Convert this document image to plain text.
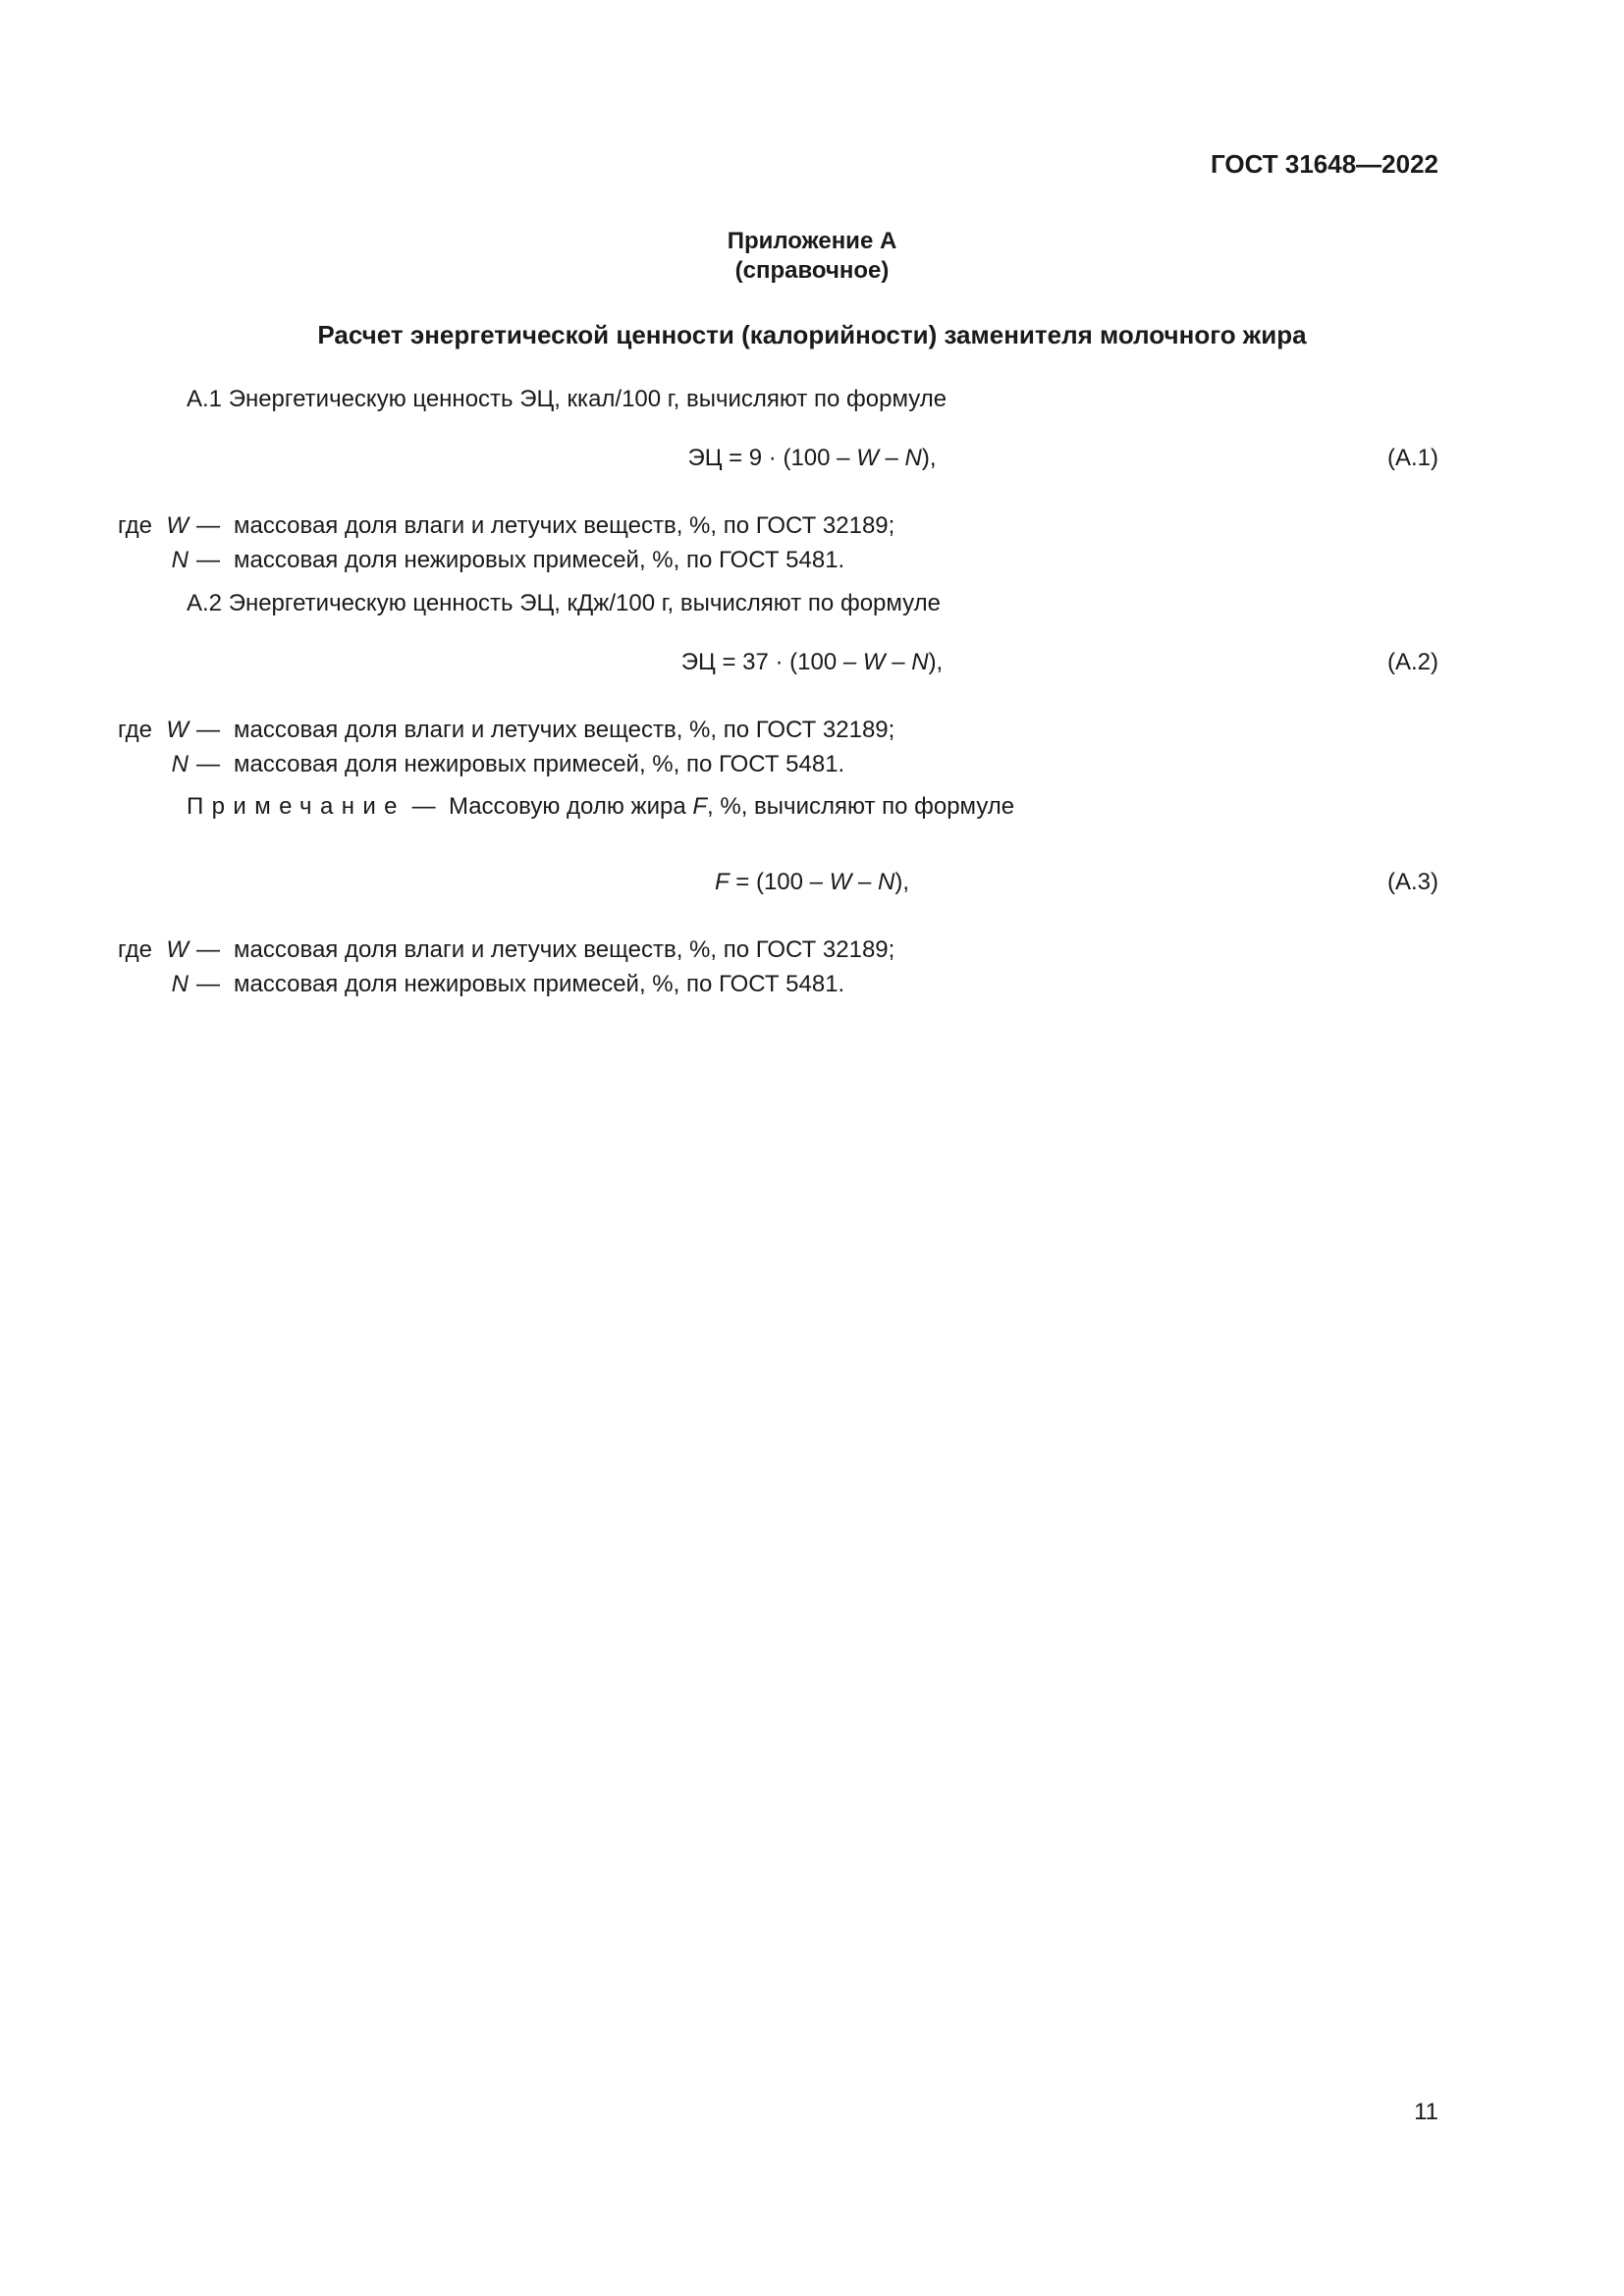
ГОСТ 31648—2022
Приложение А
(справочное)
Расчет энергетической ценности (калорийности) заменителя молочного жира
А.1 Энергетическую ценность ЭЦ, ккал/100 г, вычисляют по формуле
ЭЦ = 9 · (100 – W – N),	(А.1)
где W — массовая доля влаги и летучих веществ, %, по ГОСТ 32189;
N — массовая доля нежировых примесей, %, по ГОСТ 5481.
А.2 Энергетическую ценность ЭЦ, кДж/100 г, вычисляют по формуле
ЭЦ = 37 · (100 – W – N),	(А.2)
где W — массовая доля влаги и летучих веществ, %, по ГОСТ 32189;
N — массовая доля нежировых примесей, %, по ГОСТ 5481.
Примечание — Массовую долю жира F, %, вычисляют по формуле
F = (100 – W – N),	(А.3)
где W — массовая доля влаги и летучих веществ, %, по ГОСТ 32189;
N — массовая доля нежировых примесей, %, по ГОСТ 5481.
11
